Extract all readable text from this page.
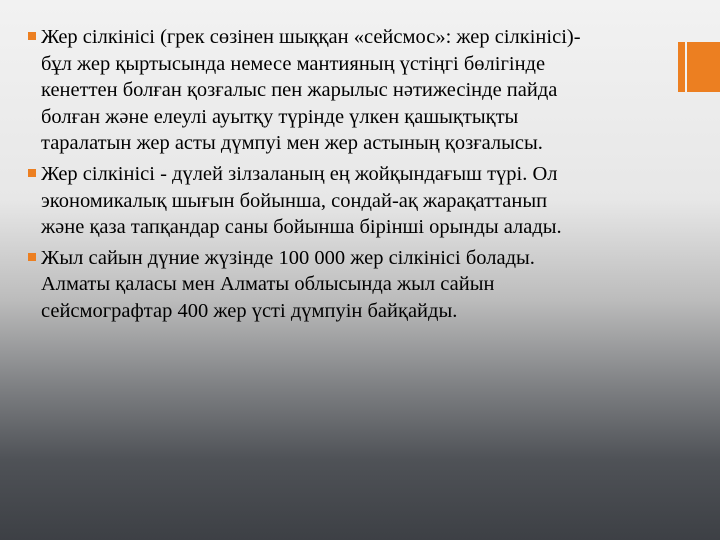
Жер сілкінісі (грек сөзінен шыққан «сейсмос»: жер сілкінісі)-
бұл жер қыртысында немесе мантияның үстіңгі бөлігінде
кенеттен болған қозғалыс пен жарылыс нәтижесінде пайда
болған және елеулі ауытқу түрінде үлкен қашықтықты
таралатын жер асты дүмпуі мен жер астының қозғалысы.
Жер сілкінісі - дүлей зілзаланың ең жойқындағыш түрі. Ол
экономикалық шығын бойынша, сондай-ақ жарақаттанып
және қаза тапқандар саны бойынша бірінші орынды алады.
Жыл сайын дүние жүзінде 100 000 жер сілкінісі болады.
Алматы қаласы мен Алматы облысында жыл сайын
сейсмографтар 400 жер үсті дүмпуін байқайды.
